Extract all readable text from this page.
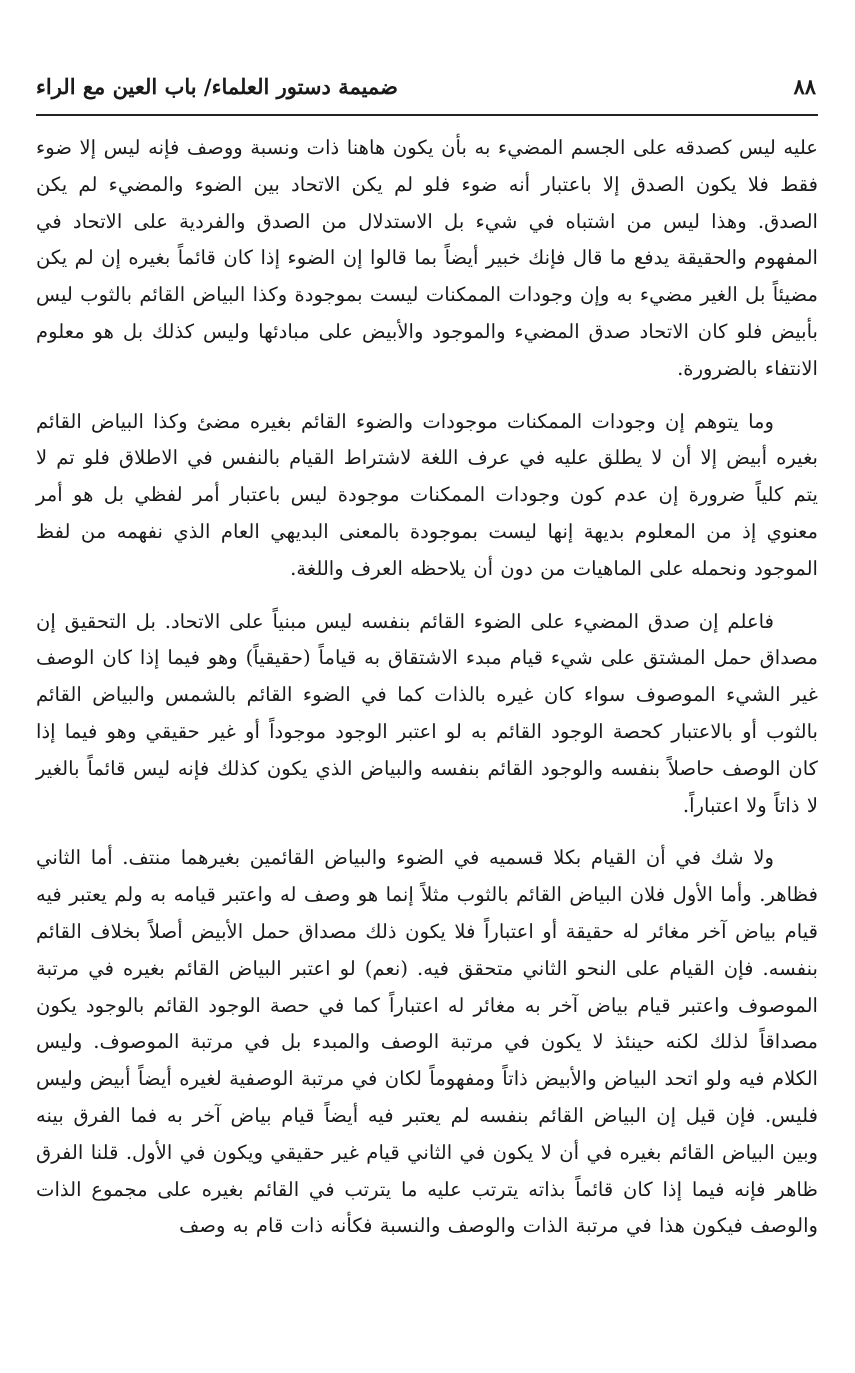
ضميمة دستور العلماء/ باب العين مع الراء	٨٨

عليه ليس كصدقه على الجسم المضيء به بأن يكون هاهنا ذات ونسبة ووصف فإنه ليس إلا ضوء فقط فلا يكون الصدق إلا باعتبار أنه ضوء فلو لم يكن الاتحاد بين الضوء والمضيء لم يكن الصدق. وهذا ليس من اشتباه في شيء بل الاستدلال من الصدق والفردية على الاتحاد في المفهوم والحقيقة يدفع ما قال فإنك خبير أيضاً بما قالوا إن الضوء إذا كان قائماً بغيره إن لم يكن مضيئاً بل الغير مضيء به وإن وجودات الممكنات ليست بموجودة وكذا البياض القائم بالثوب ليس بأبيض فلو كان الاتحاد صدق المضيء والموجود والأبيض على مبادئها وليس كذلك بل هو معلوم الانتفاء بالضرورة.

وما يتوهم إن وجودات الممكنات موجودات والضوء القائم بغيره مضئ وكذا البياض القائم بغيره أبيض إلا أن لا يطلق عليه في عرف اللغة لاشتراط القيام بالنفس في الاطلاق فلو تم لا يتم كلياً ضرورة إن عدم كون وجودات الممكنات موجودة ليس باعتبار أمر لفظي بل هو أمر معنوي إذ من المعلوم بديهة إنها ليست بموجودة بالمعنى البديهي العام الذي نفهمه من لفظ الموجود ونحمله على الماهيات من دون أن يلاحظه العرف واللغة.

فاعلم إن صدق المضيء على الضوء القائم بنفسه ليس مبنياً على الاتحاد. بل التحقيق إن مصداق حمل المشتق على شيء قيام مبدء الاشتقاق به قياماً (حقيقياً) وهو فيما إذا كان الوصف غير الشيء الموصوف سواء كان غيره بالذات كما في الضوء القائم بالشمس والبياض القائم بالثوب أو بالاعتبار كحصة الوجود القائم به لو اعتبر الوجود موجوداً أو غير حقيقي وهو فيما إذا كان الوصف حاصلاً بنفسه والوجود القائم بنفسه والبياض الذي يكون كذلك فإنه ليس قائماً بالغير لا ذاتاً ولا اعتباراً.

ولا شك في أن القيام بكلا قسميه في الضوء والبياض القائمين بغيرهما منتف. أما الثاني فظاهر. وأما الأول فلان البياض القائم بالثوب مثلاً إنما هو وصف له واعتبر قيامه به ولم يعتبر فيه قيام بياض آخر مغائر له حقيقة أو اعتباراً فلا يكون ذلك مصداق حمل الأبيض أصلاً بخلاف القائم بنفسه. فإن القيام على النحو الثاني متحقق فيه. (نعم) لو اعتبر البياض القائم بغيره في مرتبة الموصوف واعتبر قيام بياض آخر به مغائر له اعتباراً كما في حصة الوجود القائم بالوجود يكون مصداقاً لذلك لكنه حينئذ لا يكون في مرتبة الوصف والمبدء بل في مرتبة الموصوف. وليس الكلام فيه ولو اتحد البياض والأبيض ذاتاً ومفهوماً لكان في مرتبة الوصفية لغيره أيضاً أبيض وليس فليس. فإن قيل إن البياض القائم بنفسه لم يعتبر فيه أيضاً قيام بياض آخر به فما الفرق بينه وبين البياض القائم بغيره في أن لا يكون في الثاني قيام غير حقيقي ويكون في الأول. قلنا الفرق ظاهر فإنه فيما إذا كان قائماً بذاته يترتب عليه ما يترتب في القائم بغيره على مجموع الذات والوصف فيكون هذا في مرتبة الذات والوصف والنسبة فكأنه ذات قام به وصف
